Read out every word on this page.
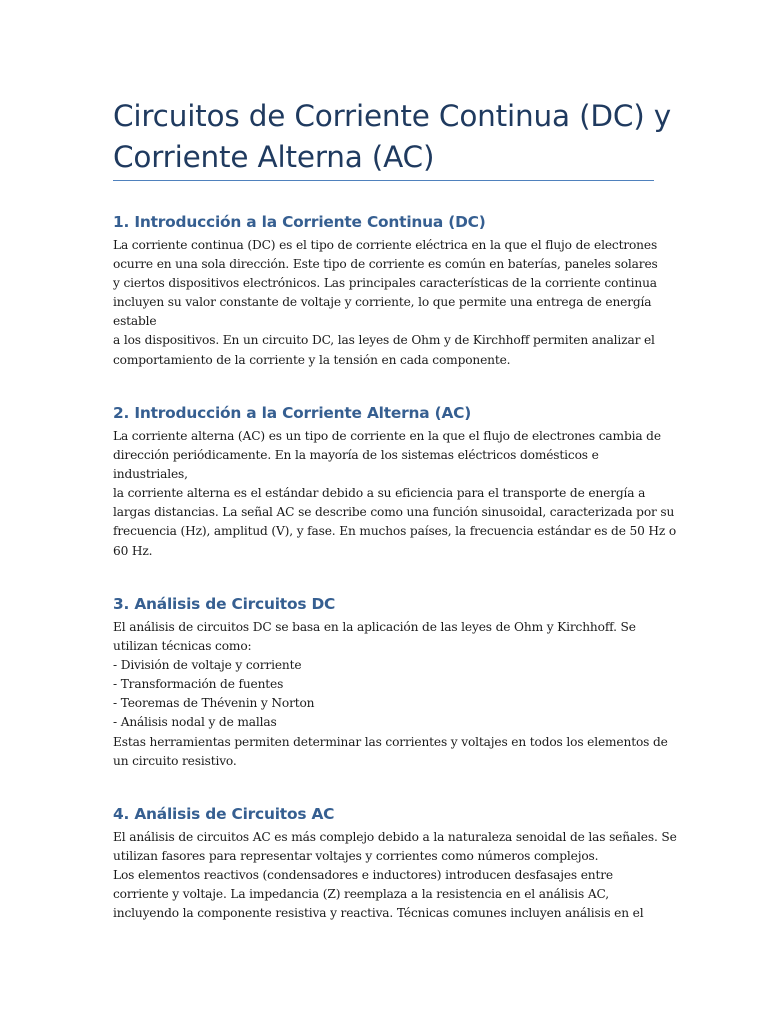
Circuitos de Corriente Continua (DC) y
Corriente Alterna (AC)
1. Introducción a la Corriente Continua (DC)

La corriente continua (DC) es el tipo de corriente eléctrica en la que el flujo de electrones
ocurre en una sola dirección. Este tipo de corriente es común en baterías, paneles solares
y ciertos dispositivos electrónicos. Las principales características de la corriente continua
incluyen su valor constante de voltaje y corriente, lo que permite una entrega de energía
estable
a los dispositivos. En un circuito DC, las leyes de Ohm y de Kirchhoff permiten analizar el
comportamiento de la corriente y la tensión en cada componente.

2. Introducción a la Corriente Alterna (AC)

La corriente alterna (AC) es un tipo de corriente en la que el flujo de electrones cambia de
dirección periódicamente. En la mayoría de los sistemas eléctricos domésticos e
industriales,
la corriente alterna es el estándar debido a su eficiencia para el transporte de energía a
largas distancias. La señal AC se describe como una función sinusoidal, caracterizada por su
frecuencia (Hz), amplitud (V), y fase. En muchos países, la frecuencia estándar es de 50 Hz o
60 Hz.

3. Análisis de Circuitos DC

El análisis de circuitos DC se basa en la aplicación de las leyes de Ohm y Kirchhoff. Se
utilizan técnicas como:
- División de voltaje y corriente
- Transformación de fuentes
- Teoremas de Thévenin y Norton
- Análisis nodal y de mallas
Estas herramientas permiten determinar las corrientes y voltajes en todos los elementos de
un circuito resistivo.

4. Análisis de Circuitos AC

El análisis de circuitos AC es más complejo debido a la naturaleza senoidal de las señales. Se
utilizan fasores para representar voltajes y corrientes como números complejos.
Los elementos reactivos (condensadores e inductores) introducen desfasajes entre
corriente y voltaje. La impedancia (Z) reemplaza a la resistencia en el análisis AC,
incluyendo la componente resistiva y reactiva. Técnicas comunes incluyen análisis en el
